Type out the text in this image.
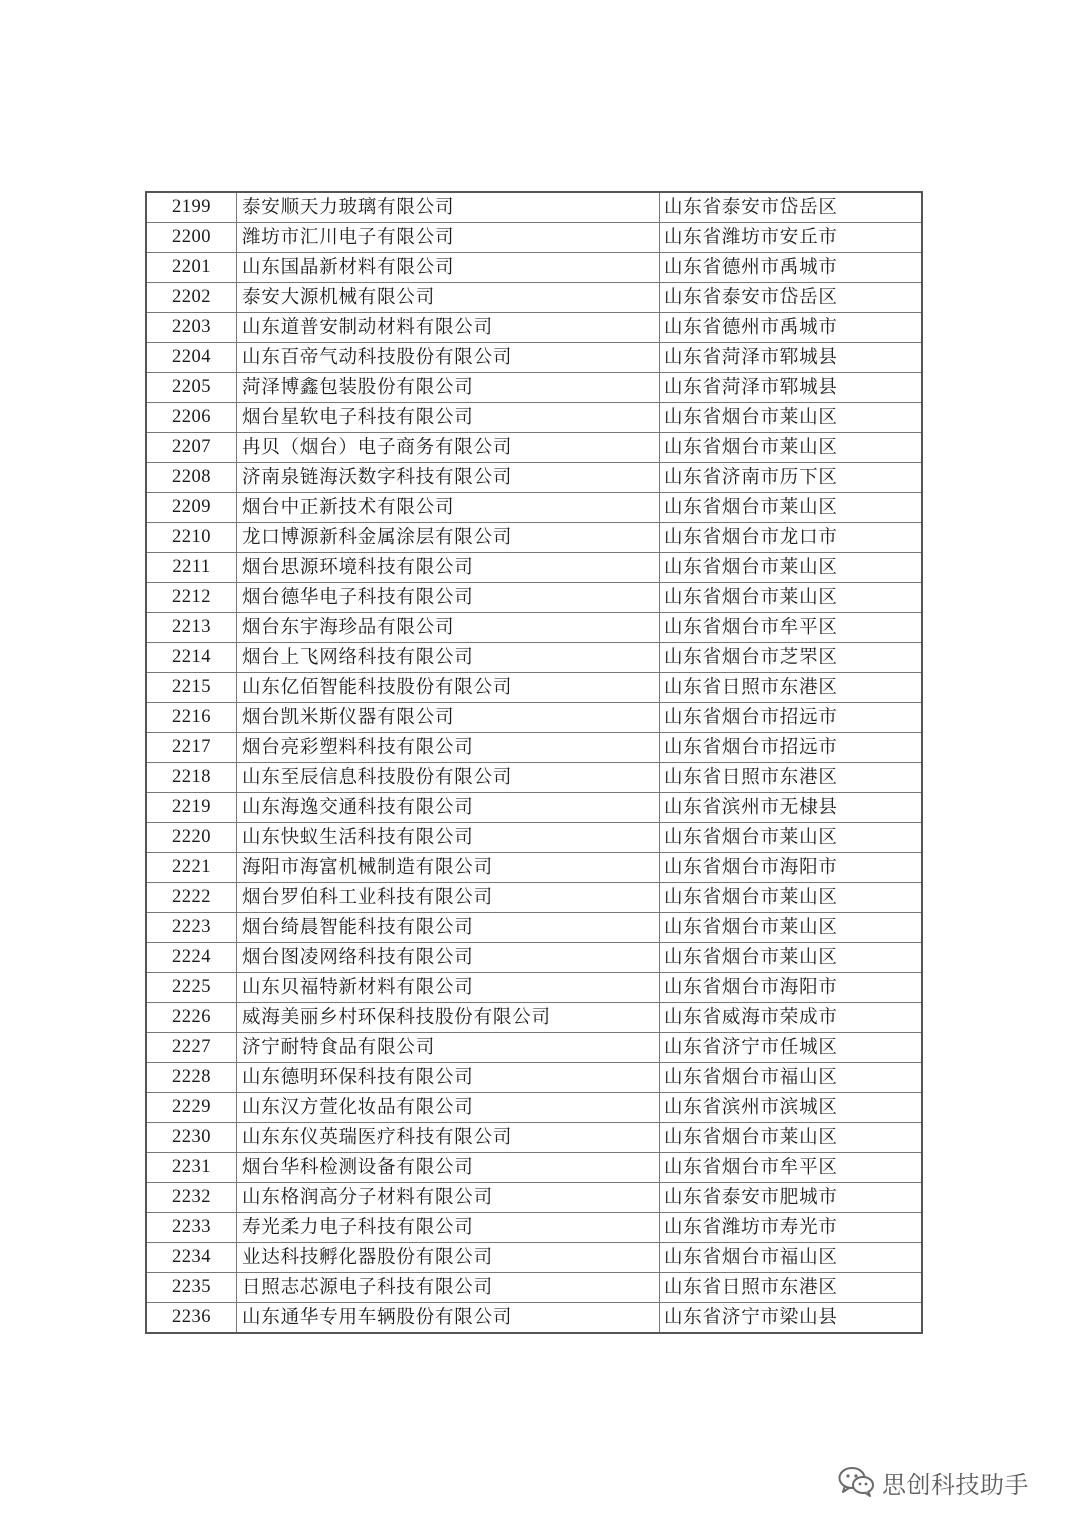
2199	泰安顺天力玻璃有限公司	山东省泰安市岱岳区
2200	潍坊市汇川电子有限公司	山东省潍坊市安丘市
2201	山东国晶新材料有限公司	山东省德州市禹城市
2202	泰安大源机械有限公司	山东省泰安市岱岳区
2203	山东道普安制动材料有限公司	山东省德州市禹城市
2204	山东百帝气动科技股份有限公司	山东省菏泽市郓城县
2205	菏泽博鑫包装股份有限公司	山东省菏泽市郓城县
2206	烟台星软电子科技有限公司	山东省烟台市莱山区
2207	冉贝（烟台）电子商务有限公司	山东省烟台市莱山区
2208	济南泉链海沃数字科技有限公司	山东省济南市历下区
2209	烟台中正新技术有限公司	山东省烟台市莱山区
2210	龙口博源新科金属涂层有限公司	山东省烟台市龙口市
2211	烟台思源环境科技有限公司	山东省烟台市莱山区
2212	烟台德华电子科技有限公司	山东省烟台市莱山区
2213	烟台东宇海珍品有限公司	山东省烟台市牟平区
2214	烟台上飞网络科技有限公司	山东省烟台市芝罘区
2215	山东亿佰智能科技股份有限公司	山东省日照市东港区
2216	烟台凯米斯仪器有限公司	山东省烟台市招远市
2217	烟台亮彩塑料科技有限公司	山东省烟台市招远市
2218	山东至辰信息科技股份有限公司	山东省日照市东港区
2219	山东海逸交通科技有限公司	山东省滨州市无棣县
2220	山东快蚁生活科技有限公司	山东省烟台市莱山区
2221	海阳市海富机械制造有限公司	山东省烟台市海阳市
2222	烟台罗伯科工业科技有限公司	山东省烟台市莱山区
2223	烟台绮晨智能科技有限公司	山东省烟台市莱山区
2224	烟台图凌网络科技有限公司	山东省烟台市莱山区
2225	山东贝福特新材料有限公司	山东省烟台市海阳市
2226	威海美丽乡村环保科技股份有限公司	山东省威海市荣成市
2227	济宁耐特食品有限公司	山东省济宁市任城区
2228	山东德明环保科技有限公司	山东省烟台市福山区
2229	山东汉方萱化妆品有限公司	山东省滨州市滨城区
2230	山东东仪英瑞医疗科技有限公司	山东省烟台市莱山区
2231	烟台华科检测设备有限公司	山东省烟台市牟平区
2232	山东格润高分子材料有限公司	山东省泰安市肥城市
2233	寿光柔力电子科技有限公司	山东省潍坊市寿光市
2234	业达科技孵化器股份有限公司	山东省烟台市福山区
2235	日照志芯源电子科技有限公司	山东省日照市东港区
2236	山东通华专用车辆股份有限公司	山东省济宁市梁山县
思创科技助手
